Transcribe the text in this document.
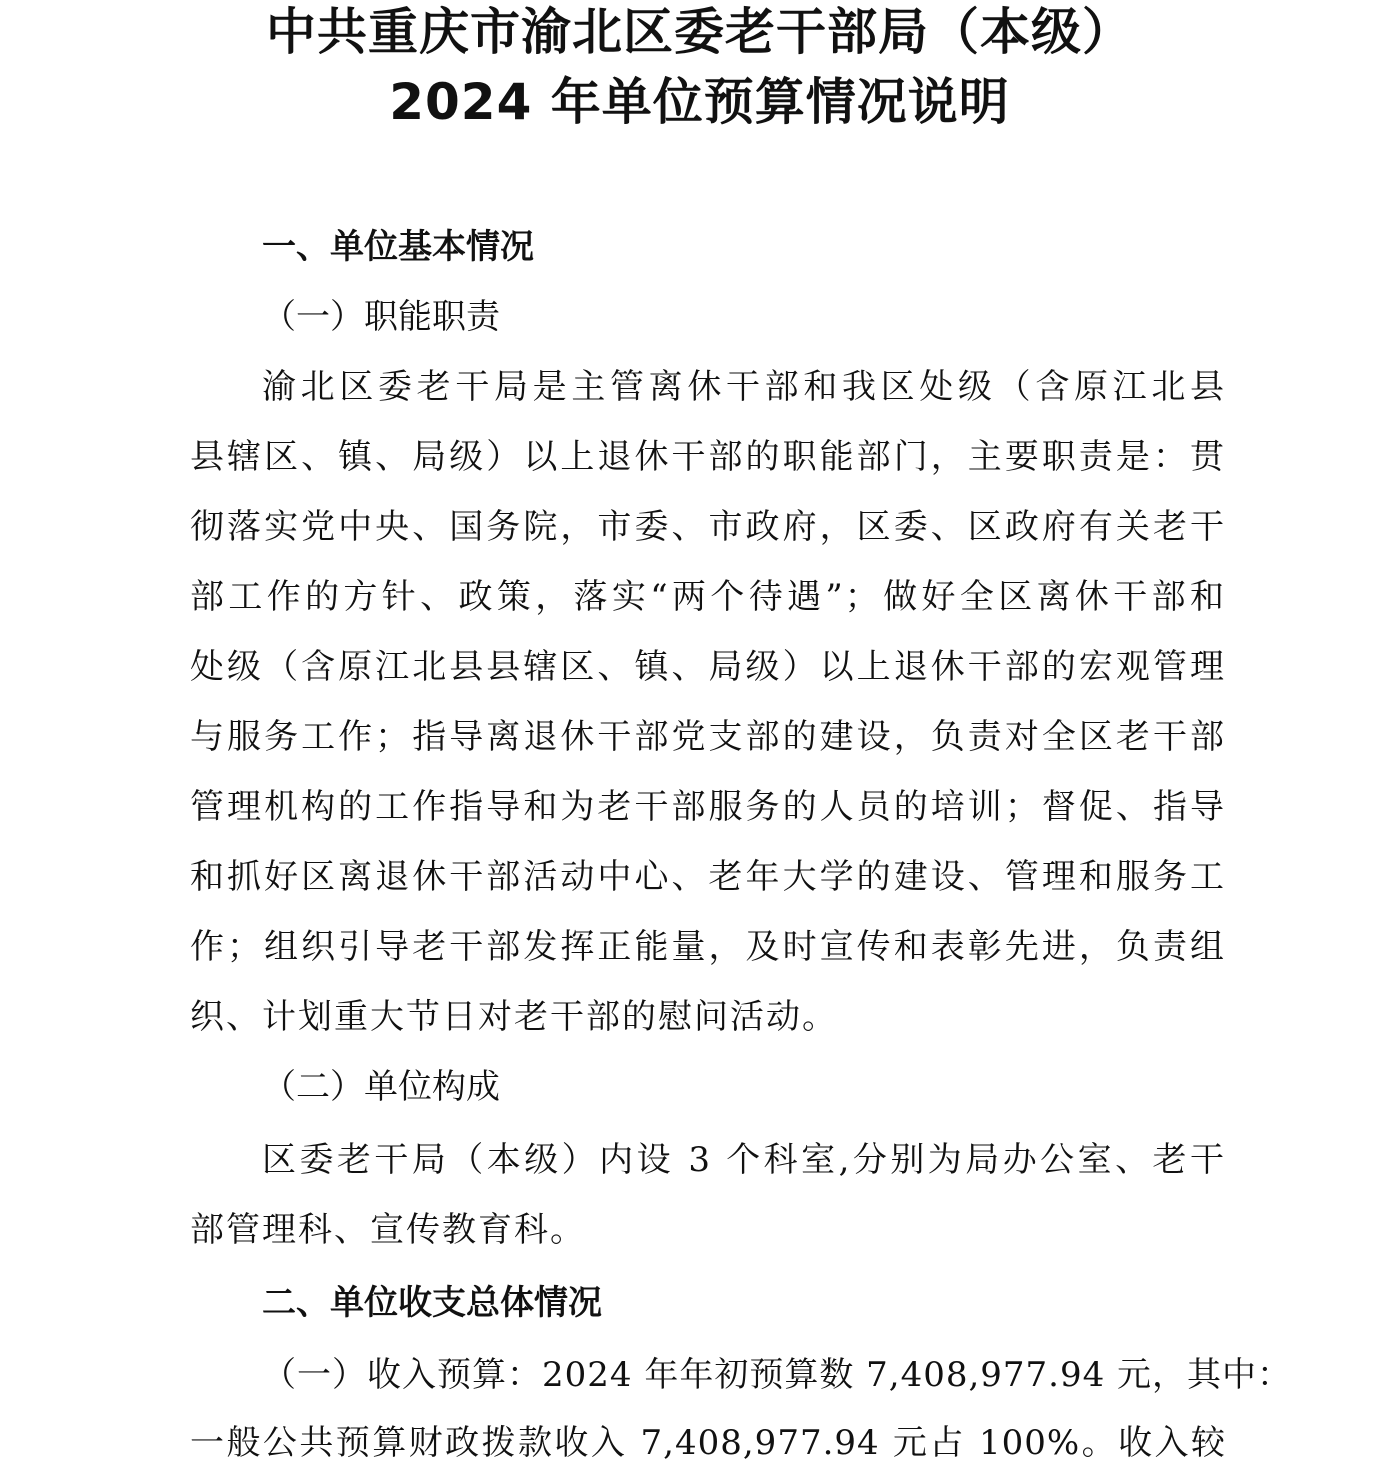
中共重庆市渝北区委老干部局（本级）
2024 年单位预算情况说明
一、单位基本情况
（一）职能职责
渝北区委老干局是主管离休干部和我区处级（含原江北县
县辖区、镇、局级）以上退休干部的职能部门，主要职责是：贯
彻落实党中央、国务院，市委、市政府，区委、区政府有关老干
部工作的方针、政策，落实“两个待遇”；做好全区离休干部和
处级（含原江北县县辖区、镇、局级）以上退休干部的宏观管理
与服务工作；指导离退休干部党支部的建设，负责对全区老干部
管理机构的工作指导和为老干部服务的人员的培训；督促、指导
和抓好区离退休干部活动中心、老年大学的建设、管理和服务工
作；组织引导老干部发挥正能量，及时宣传和表彰先进，负责组
织、计划重大节日对老干部的慰问活动。
（二）单位构成
区委老干局（本级）内设 3 个科室,分别为局办公室、老干
部管理科、宣传教育科。
二、单位收支总体情况
（一）收入预算：2024 年年初预算数 7,408,977.94 元，其中：
一般公共预算财政拨款收入 7,408,977.94 元占 100%。收入较
